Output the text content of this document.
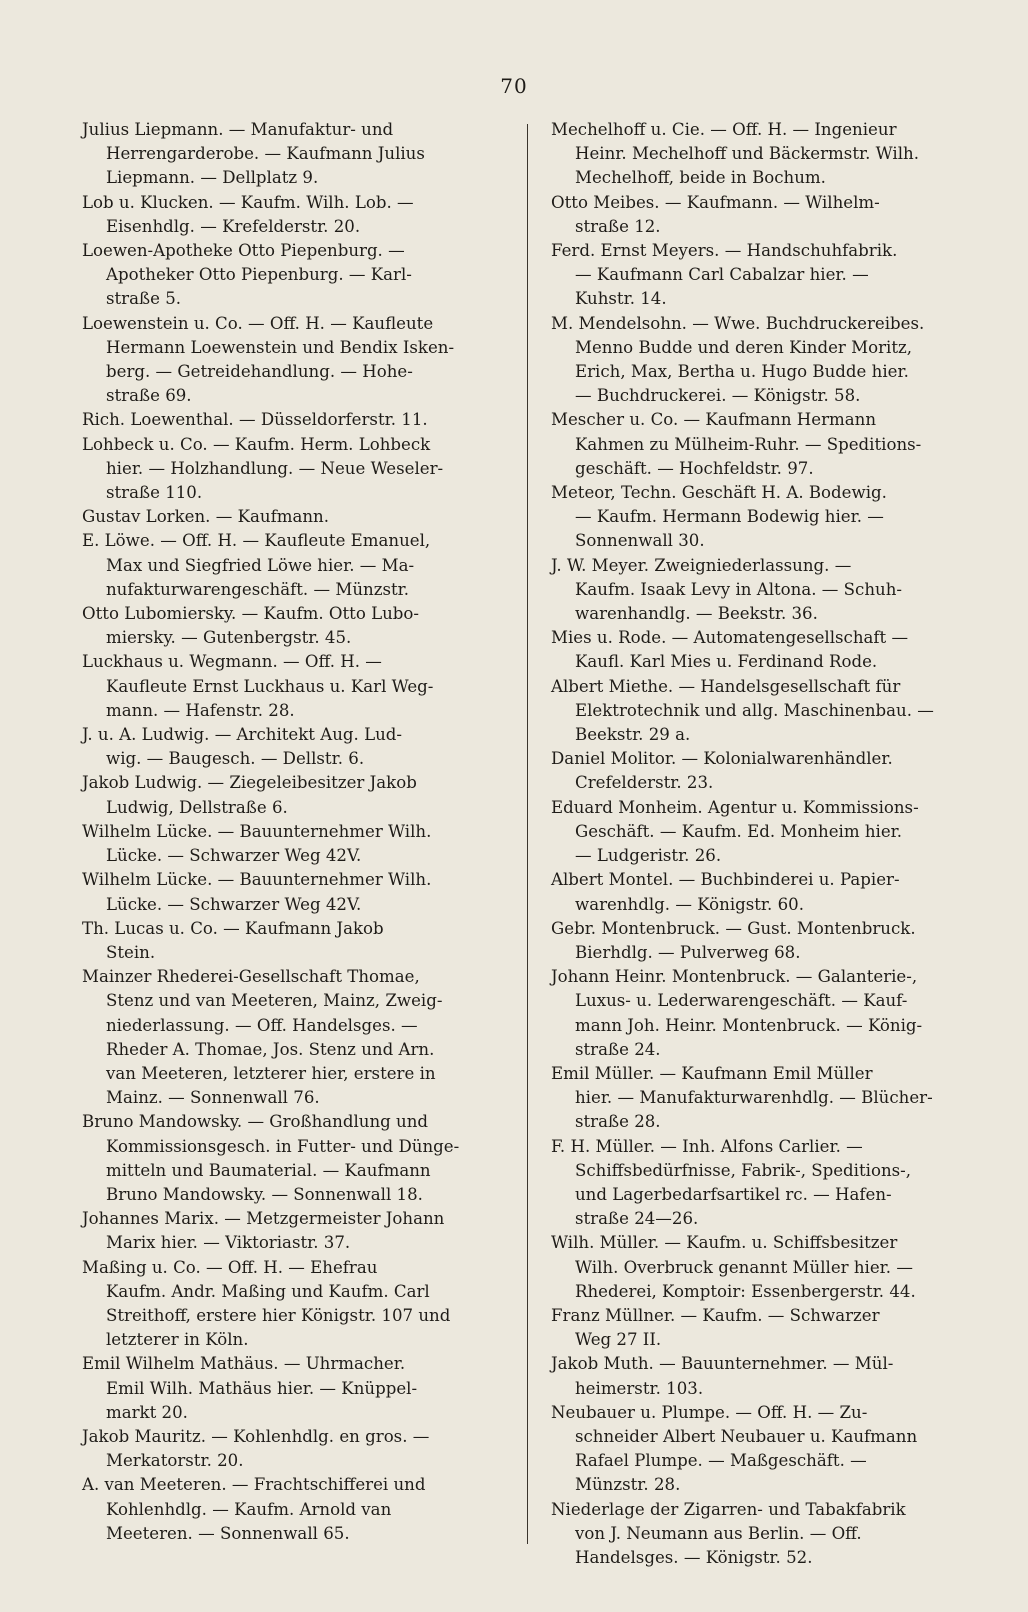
70

Julius Liepmann. — Manufaktur- und
Herrengarderobe. — Kaufmann Julius
Liepmann. — Dellplatz 9.

Lob u. Klucken. — Kaufm. Wilh. Lob. —
Eisenhdlg. — Krefelderstr. 20.

Loewen-Apotheke Otto Piepenburg. —
Apotheker Otto Piepenburg. — Karl-
straße 5.

Loewenstein u. Co. — Off. H. — Kaufleute
Hermann Loewenstein und Bendix Isken-
berg. — Getreidehandlung. — Hohe-
straße 69.

Rich. Loewenthal. — Düsseldorferstr. 11.

Lohbeck u. Co. — Kaufm. Herm. Lohbeck
hier. — Holzhandlung. — Neue Weseler-
straße 110.

Gustav Lorken. — Kaufmann.

E. Löwe. — Off. H. — Kaufleute Emanuel,
Max und Siegfried Löwe hier. — Ma-
nufakturwarengeschäft. — Münzstr.

Otto Lubomiersky. — Kaufm. Otto Lubo-
miersky. — Gutenbergstr. 45.

Luckhaus u. Wegmann. — Off. H. —
Kaufleute Ernst Luckhaus u. Karl Weg-
mann. — Hafenstr. 28.

J. u. A. Ludwig. — Architekt Aug. Lud-
wig. — Baugesch. — Dellstr. 6.

Jakob Ludwig. — Ziegeleibesitzer Jakob
Ludwig, Dellstraße 6.

Wilhelm Lücke. — Bauunternehmer Wilh.
Lücke. — Schwarzer Weg 42V.

Wilhelm Lücke. — Bauunternehmer Wilh.
Lücke. — Schwarzer Weg 42V.

Th. Lucas u. Co. — Kaufmann Jakob
Stein.

Mainzer Rhederei-Gesellschaft Thomae,
Stenz und van Meeteren, Mainz, Zweig-
niederlassung. — Off. Handelsges. —
Rheder A. Thomae, Jos. Stenz und Arn.
van Meeteren, letzterer hier, erstere in
Mainz. — Sonnenwall 76.

Bruno Mandowsky. — Großhandlung und
Kommissionsgesch. in Futter- und Dünge-
mitteln und Baumaterial. — Kaufmann
Bruno Mandowsky. — Sonnenwall 18.

Johannes Marix. — Metzgermeister Johann
Marix hier. — Viktoriastr. 37.

Maßing u. Co. — Off. H. — Ehefrau
Kaufm. Andr. Maßing und Kaufm. Carl
Streithoff, erstere hier Königstr. 107 und
letzterer in Köln.

Emil Wilhelm Mathäus. — Uhrmacher.
Emil Wilh. Mathäus hier. — Knüppel-
markt 20.

Jakob Mauritz. — Kohlenhdlg. en gros. —
Merkatorstr. 20.

A. van Meeteren. — Frachtschifferei und
Kohlenhdlg. — Kaufm. Arnold van
Meeteren. — Sonnenwall 65.

Mechelhoff u. Cie. — Off. H. — Ingenieur
Heinr. Mechelhoff und Bäckermstr. Wilh.
Mechelhoff, beide in Bochum.

Otto Meibes. — Kaufmann. — Wilhelm-
straße 12.

Ferd. Ernst Meyers. — Handschuhfabrik.
— Kaufmann Carl Cabalzar hier. —
Kuhstr. 14.

M. Mendelsohn. — Wwe. Buchdruckereibes.
Menno Budde und deren Kinder Moritz,
Erich, Max, Bertha u. Hugo Budde hier.
— Buchdruckerei. — Königstr. 58.

Mescher u. Co. — Kaufmann Hermann
Kahmen zu Mülheim-Ruhr. — Speditions-
geschäft. — Hochfeldstr. 97.

Meteor, Techn. Geschäft H. A. Bodewig.
— Kaufm. Hermann Bodewig hier. —
Sonnenwall 30.

J. W. Meyer. Zweigniederlassung. —
Kaufm. Isaak Levy in Altona. — Schuh-
warenhandlg. — Beekstr. 36.

Mies u. Rode. — Automatengesellschaft —
Kaufl. Karl Mies u. Ferdinand Rode.

Albert Miethe. — Handelsgesellschaft für
Elektrotechnik und allg. Maschinenbau. —
Beekstr. 29 a.

Daniel Molitor. — Kolonialwarenhändler.
Crefelderstr. 23.

Eduard Monheim. Agentur u. Kommissions-
Geschäft. — Kaufm. Ed. Monheim hier.
— Ludgeristr. 26.

Albert Montel. — Buchbinderei u. Papier-
warenhdlg. — Königstr. 60.

Gebr. Montenbruck. — Gust. Montenbruck.
Bierhdlg. — Pulverweg 68.

Johann Heinr. Montenbruck. — Galanterie-,
Luxus- u. Lederwarengeschäft. — Kauf-
mann Joh. Heinr. Montenbruck. — König-
straße 24.

Emil Müller. — Kaufmann Emil Müller
hier. — Manufakturwarenhdlg. — Blücher-
straße 28.

F. H. Müller. — Inh. Alfons Carlier. —
Schiffsbedürfnisse, Fabrik-, Speditions-,
und Lagerbedarfsartikel rc. — Hafen-
straße 24—26.

Wilh. Müller. — Kaufm. u. Schiffsbesitzer
Wilh. Overbruck genannt Müller hier. —
Rhederei, Komptoir: Essenbergerstr. 44.

Franz Müllner. — Kaufm. — Schwarzer
Weg 27 II.

Jakob Muth. — Bauunternehmer. — Mül-
heimerstr. 103.

Neubauer u. Plumpe. — Off. H. — Zu-
schneider Albert Neubauer u. Kaufmann
Rafael Plumpe. — Maßgeschäft. —
Münzstr. 28.

Niederlage der Zigarren- und Tabakfabrik
von J. Neumann aus Berlin. — Off.
Handelsges. — Königstr. 52.
